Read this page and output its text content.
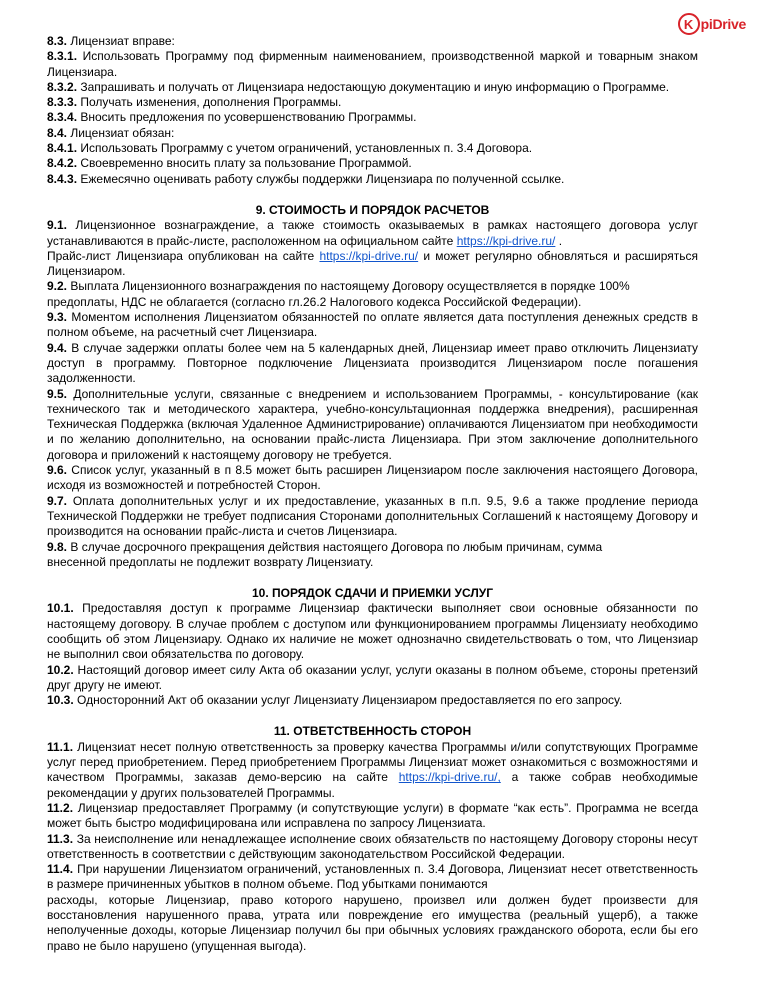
K piDrive

8.3. Лицензиат вправе:

8.3.1. Использовать Программу под фирменным наименованием, производственной маркой и товарным знаком Лицензиара.

8.3.2. Запрашивать и получать от Лицензиара недостающую документацию и иную информацию о Программе.

8.3.3. Получать изменения, дополнения Программы.

8.3.4. Вносить предложения по усовершенствованию Программы.

8.4. Лицензиат обязан:

8.4.1. Использовать Программу с учетом ограничений, установленных п. 3.4 Договора.

8.4.2. Своевременно вносить плату за пользование Программой.

8.4.3. Ежемесячно оценивать работу службы поддержки Лицензиара по полученной ссылке.

9. СТОИМОСТЬ И ПОРЯДОК РАСЧЕТОВ

9.1. Лицензионное вознаграждение, а также стоимость оказываемых в рамках настоящего договора услуг устанавливаются в прайс-листе, расположенном на официальном сайте https://kpi-drive.ru/ .

Прайс-лист Лицензиара опубликован на сайте https://kpi-drive.ru/ и может регулярно обновляться и расширяться Лицензиаром.

9.2. Выплата Лицензионного вознаграждения по настоящему Договору осуществляется в порядке 100%
предоплаты, НДС не облагается (согласно гл.26.2 Налогового кодекса Российской Федерации).

9.3. Моментом исполнения Лицензиатом обязанностей по оплате является дата поступления денежных средств в полном объеме, на расчетный счет Лицензиара.

9.4. В случае задержки оплаты более чем на 5 календарных дней, Лицензиар имеет право отключить Лицензиату доступ в программу. Повторное подключение Лицензиата производится Лицензиаром после погашения задолженности.

9.5. Дополнительные услуги, связанные с внедрением и использованием Программы, - консультирование (как технического так и методического характера, учебно-консультационная поддержка внедрения), расширенная Техническая Поддержка (включая Удаленное Администрирование) оплачиваются Лицензиатом при необходимости и по желанию дополнительно, на основании прайс-листа Лицензиара. При этом заключение дополнительного договора и приложений к настоящему договору не требуется.

9.6. Список услуг, указанный в п 8.5 может быть расширен Лицензиаром после заключения настоящего Договора, исходя из возможностей и потребностей Сторон.

9.7. Оплата дополнительных услуг и их предоставление, указанных в п.п. 9.5, 9.6 а также продление периода Технической Поддержки не требует подписания Сторонами дополнительных Соглашений к настоящему Договору и производится на основании прайс-листа и счетов Лицензиара.

9.8. В случае досрочного прекращения действия настоящего Договора по любым причинам, сумма
внесенной предоплаты не подлежит возврату Лицензиату.

10. ПОРЯДОК СДАЧИ И ПРИЕМКИ УСЛУГ

10.1. Предоставляя доступ к программе Лицензиар фактически выполняет свои основные обязанности по настоящему договору. В случае проблем с доступом или функционированием программы Лицензиату необходимо сообщить об этом Лицензиару. Однако их наличие не может однозначно свидетельствовать о том, что Лицензиар не выполнил свои обязательства по договору.

10.2. Настоящий договор имеет силу Акта об оказании услуг, услуги оказаны в полном объеме, стороны претензий друг другу не имеют.

10.3. Односторонний Акт об оказании услуг Лицензиату Лицензиаром предоставляется по его запросу.

11. ОТВЕТСТВЕННОСТЬ СТОРОН

11.1. Лицензиат несет полную ответственность за проверку качества Программы и/или сопутствующих Программе услуг перед приобретением. Перед приобретением Программы Лицензиат может ознакомиться с возможностями и качеством Программы, заказав демо-версию на сайте https://kpi-drive.ru/, а также собрав необходимые рекомендации у других пользователей Программы.

11.2. Лицензиар предоставляет Программу (и сопутствующие услуги) в формате “как есть”. Программа не всегда может быть быстро модифицирована или исправлена по запросу Лицензиата.

11.3. За неисполнение или ненадлежащее исполнение своих обязательств по настоящему Договору стороны несут ответственность в соответствии с действующим законодательством Российской Федерации.

11.4. При нарушении Лицензиатом ограничений, установленных п. 3.4 Договора, Лицензиат несет ответственность в размере причиненных убытков в полном объеме. Под убытками понимаются

расходы, которые Лицензиар, право которого нарушено, произвел или должен будет произвести для восстановления нарушенного права, утрата или повреждение его имущества (реальный ущерб), а также неполученные доходы, которые Лицензиар получил бы при обычных условиях гражданского оборота, если бы его право не было нарушено (упущенная выгода).
